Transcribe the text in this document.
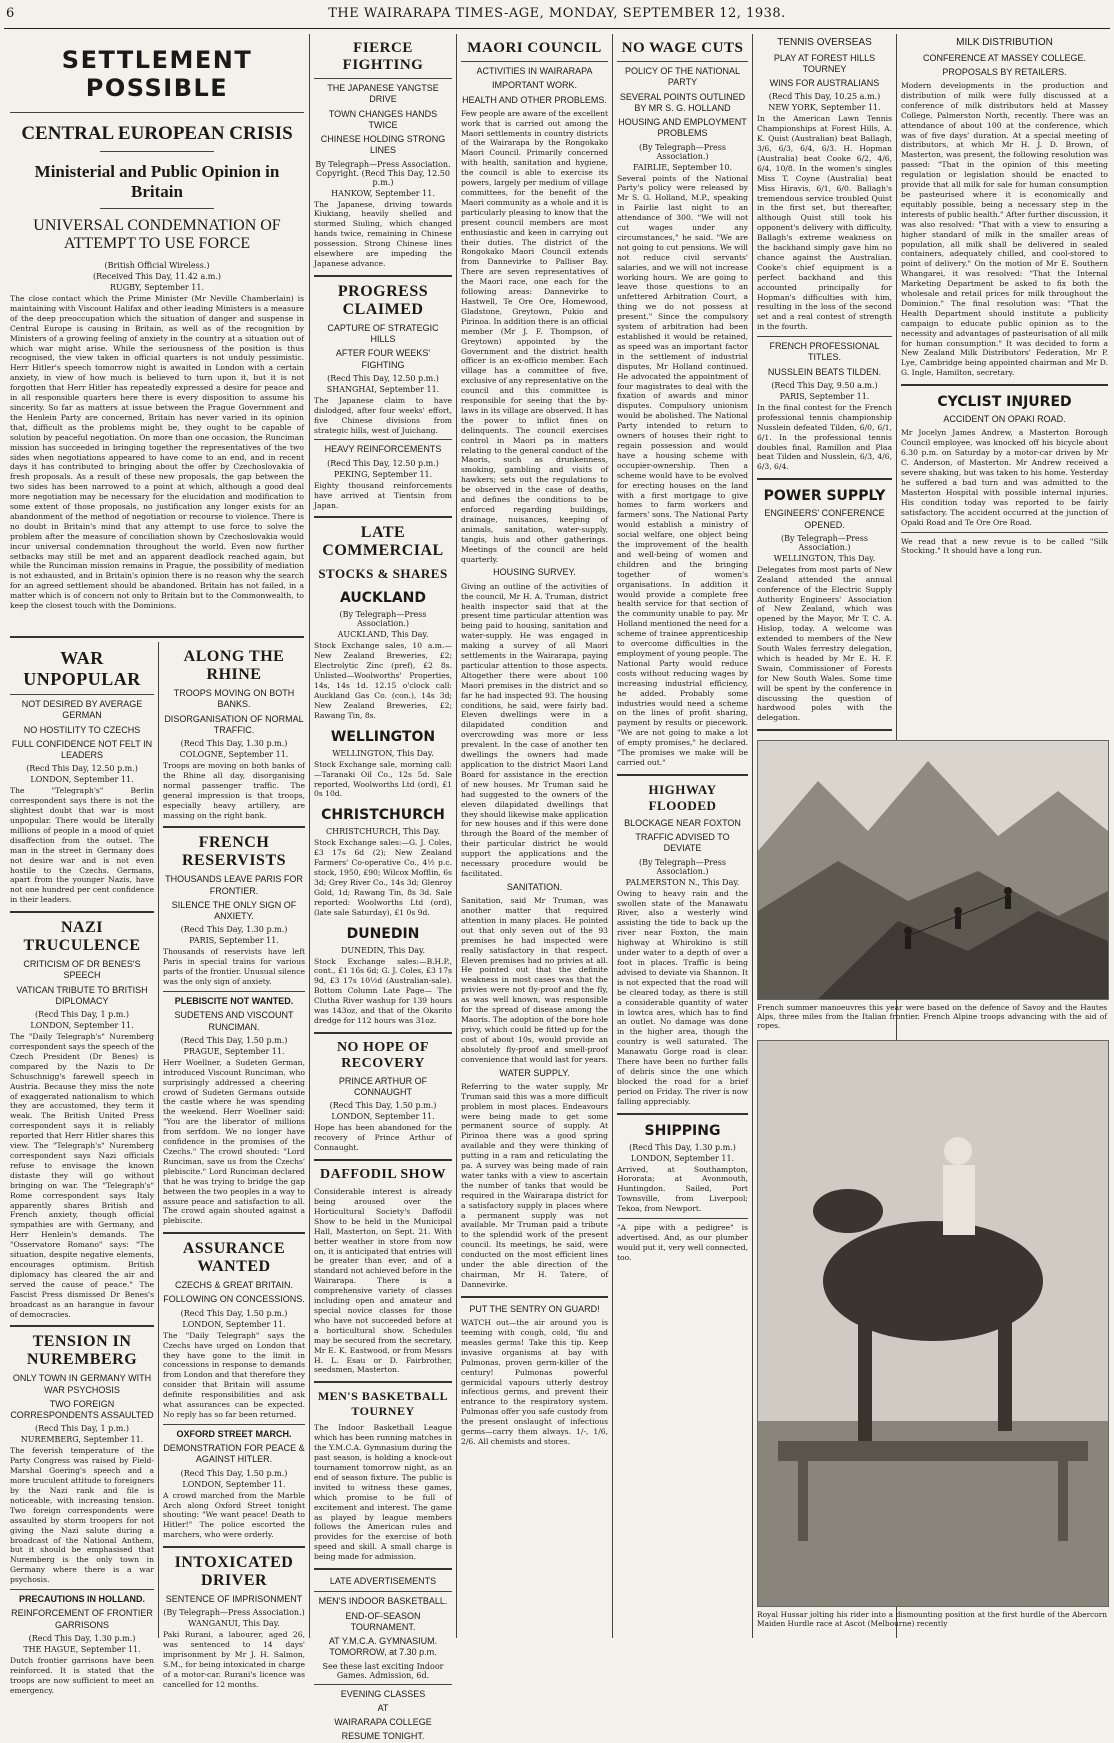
6	THE WAIRARAPA TIMES-AGE, MONDAY, SEPTEMBER 12, 1938.
SETTLEMENT POSSIBLE
CENTRAL EUROPEAN CRISIS
Ministerial and Public Opinion in Britain
UNIVERSAL CONDEMNATION OF ATTEMPT TO USE FORCE
(British Official Wireless.)
(Received This Day, 11.42 a.m.)
RUGBY, September 11.
The close contact which the Prime Minister (Mr Neville Chamberlain) is maintaining with Viscount Halifax and other leading Ministers is a measure of the deep preoccupation which the situation of danger and suspense in Central Europe is causing in Britain, as well as of the recognition by Ministers of a growing feeling of anxiety in the country at a situation out of which war might arise. While the seriousness of the position is thus recognised, the view taken in official quarters is not unduly pessimistic. Herr Hitler's speech tomorrow night is awaited in London with a certain anxiety, in view of how much is believed to turn upon it, but it is not forgotten that Herr Hitler has repeatedly expressed a desire for peace and in all responsible quarters here there is every disposition to assume his sincerity. So far as matters at issue between the Prague Government and the Henlein Party are concerned, Britain has never varied in its opinion that, difficult as the problems might be, they ought to be capable of solution by peaceful negotiation. On more than one occasion, the Runciman mission has succeeded in bringing together the representatives of the two sides when negotiations appeared to have come to an end, and in recent days it has contributed to bringing about the offer by Czechoslovakia of fresh proposals. As a result of these new proposals, the gap between the two sides has been narrowed to a point at which, although a good deal more negotiation may be necessary for the elucidation and modification to some extent of those proposals, no justification any longer exists for an abandonment of the method of negotiation or recourse to violence. There is no doubt in Britain's mind that any attempt to use force to solve the problem after the measure of conciliation shown by Czechoslovakia would incur universal condemnation throughout the world. Even now further setbacks may still be met and an apparent deadlock reached again, but while the Runciman mission remains in Prague, the possibility of mediation is not exhausted, and in Britain's opinion there is no reason why the search for an agreed settlement should be abandoned. Britain has not failed, in a matter which is of concern not only to Britain but to the Commonwealth, to keep the closest touch with the Dominions.
WAR UNPOPULAR
NOT DESIRED BY AVERAGE GERMAN
NO HOSTILITY TO CZECHS
FULL CONFIDENCE NOT FELT IN LEADERS
(Recd This Day, 12.50 p.m.)
LONDON, September 11.
The "Telegraph's" Berlin correspondent says there is not the slightest doubt that war is most unpopular. There would be literally millions of people in a mood of quiet disaffection from the outset. The man in the street in Germany does not desire war and is not even hostile to the Czechs. Germans, apart from the younger Nazis, have not one hundred per cent confidence in their leaders.
NAZI TRUCULENCE
CRITICISM OF DR BENES'S SPEECH
VATICAN TRIBUTE TO BRITISH DIPLOMACY
(Recd This Day, 1 p.m.)
LONDON, September 11.
The "Daily Telegraph's" Nuremberg correspondent says the speech of the Czech President (Dr Benes) is compared by the Nazis to Dr Schuschnigg's farewell speech in Austria. Because they miss the note of exaggerated nationalism to which they are accustomed, they term it weak. The British United Press correspondent says it is reliably reported that Herr Hitler shares this view. The "Telegraph's" Nuremberg correspondent says Nazi officials refuse to envisage the known distaste they will go without bringing on war. The "Telegraph's" Rome correspondent says Italy apparently shares British and French anxiety, though official sympathies are with Germany, and Herr Henlein's demands. The "Osservatore Romano" says: "The situation, despite negative elements, encourages optimism. British diplomacy has cleared the air and served the cause of peace." The Fascist Press dismissed Dr Benes's broadcast as an harangue in favour of democracies.
TENSION IN NUREMBERG
ONLY TOWN IN GERMANY WITH WAR PSYCHOSIS
TWO FOREIGN CORRESPONDENTS ASSAULTED
(Recd This Day, 1 p.m.)
NUREMBERG, September 11.
The feverish temperature of the Party Congress was raised by Field-Marshal Goering's speech and a more truculent attitude to foreigners by the Nazi rank and file is noticeable, with increasing tension. Two foreign correspondents were assaulted by storm troopers for not giving the Nazi salute during a broadcast of the National Anthem, but it should be emphasised that Nuremberg is the only town in Germany where there is a war psychosis.
PRECAUTIONS IN HOLLAND.
REINFORCEMENT OF FRONTIER GARRISONS
(Recd This Day, 1.30 p.m.)
THE HAGUE, September 11.
Dutch frontier garrisons have been reinforced. It is stated that the troops are now sufficient to meet an emergency.
ALONG THE RHINE
TROOPS MOVING ON BOTH BANKS.
DISORGANISATION OF NORMAL TRAFFIC.
(Recd This Day, 1.30 p.m.)
COLOGNE, September 11.
Troops are moving on both banks of the Rhine all day, disorganising normal passenger traffic. The general impression is that troops, especially heavy artillery, are massing on the right bank.
FRENCH RESERVISTS
THOUSANDS LEAVE PARIS FOR FRONTIER.
SILENCE THE ONLY SIGN OF ANXIETY.
(Recd This Day, 1.30 p.m.)
PARIS, September 11.
Thousands of reservists have left Paris in special trains for various parts of the frontier. Unusual silence was the only sign of anxiety.
PLEBISCITE NOT WANTED.
SUDETENS AND VISCOUNT RUNCIMAN.
(Recd This Day, 1.50 p.m.)
PRAGUE, September 11.
Herr Woellner, a Sudeten German, introduced Viscount Runciman, who surprisingly addressed a cheering crowd of Sudeten Germans outside the castle where he was spending the weekend. Herr Woellner said: "You are the liberator of millions from serfdom. We no longer have confidence in the promises of the Czechs." The crowd shouted: "Lord Runciman, save us from the Czechs' plebiscite." Lord Runciman declared that he was trying to bridge the gap between the two peoples in a way to assure peace and satisfaction to all. The crowd again shouted against a plebiscite.
ASSURANCE WANTED
CZECHS & GREAT BRITAIN.
FOLLOWING ON CONCESSIONS.
(Recd This Day, 1.50 p.m.)
LONDON, September 11.
The "Daily Telegraph" says the Czechs have urged on London that they have gone to the limit in concessions in response to demands from London and that therefore they consider that Britain will assume definite responsibilities and ask what assurances can be expected. No reply has so far been returned.
OXFORD STREET MARCH.
DEMONSTRATION FOR PEACE & AGAINST HITLER.
(Recd This Day, 1.50 p.m.)
LONDON, September 11.
A crowd marched from the Marble Arch along Oxford Street tonight shouting: "We want peace! Death to Hitler!" The police escorted the marchers, who were orderly.
INTOXICATED DRIVER
SENTENCE OF IMPRISONMENT
(By Telegraph—Press Association.)
WANGANUI, This Day.
Paki Rurani, a labourer, aged 26, was sentenced to 14 days' imprisonment by Mr J. H. Salmon, S.M., for being intoxicated in charge of a motor-car. Rurani's licence was cancelled for 12 months.
FIERCE FIGHTING
THE JAPANESE YANGTSE DRIVE
TOWN CHANGES HANDS TWICE
CHINESE HOLDING STRONG LINES
By Telegraph—Press Association. Copyright. (Recd This Day, 12.50 p.m.)
HANKOW, September 11.
The Japanese, driving towards Kiukiang, heavily shelled and stormed Siuling, which changed hands twice, remaining in Chinese possession. Strong Chinese lines elsewhere are impeding the Japanese advance.
PROGRESS CLAIMED
CAPTURE OF STRATEGIC HILLS
AFTER FOUR WEEKS' FIGHTING
(Recd This Day, 12.50 p.m.)
SHANGHAI, September 11.
The Japanese claim to have dislodged, after four weeks' effort, five Chinese divisions from strategic hills, west of Juichang.
HEAVY REINFORCEMENTS
(Recd This Day, 12.50 p.m.)
PEKING, September 11.
Eighty thousand reinforcements have arrived at Tientsin from Japan.
LATE COMMERCIAL
STOCKS & SHARES
AUCKLAND
(By Telegraph—Press Association.)
AUCKLAND, This Day.
Stock Exchange sales, 10 a.m.—New Zealand Breweries, £2; Electrolytic Zinc (pref), £2 8s. Unlisted—Woolworths' Properties, 14s, 14s 1d. 12.15 o'clock call: Auckland Gas Co. (con.), 14s 3d; New Zealand Breweries, £2; Rawang Tin, 8s.
WELLINGTON
WELLINGTON, This Day.
Stock Exchange sale, morning call: —Taranaki Oil Co., 12s 5d. Sale reported, Woolworths Ltd (ord), £1 0s 10d.
CHRISTCHURCH
CHRISTCHURCH, This Day.
Stock Exchange sales:—G. J. Coles, £3 17s 6d (2); New Zealand Farmers' Co-operative Co., 4½ p.c. stock, 1950, £90; Wilcox Mofflin, 6s 3d; Grey River Co., 14s 3d; Glenroy Gold, 1d; Rawang Tin, 8s 3d. Sale reported: Woolworths Ltd (ord), (late sale Saturday), £1 0s 9d.
DUNEDIN
DUNEDIN, This Day.
Stock Exchange sales:—B.H.P., cont., £1 16s 6d; G. J. Coles, £3 17s 9d, £3 17s 10½d (Australian-sale). Bottom Column Late Page— The Clutha River washup for 139 hours was 143oz, and that of the Okarito dredge for 112 hours was 31oz.
NO HOPE OF RECOVERY
PRINCE ARTHUR OF CONNAUGHT
(Recd This Day, 1.50 p.m.)
LONDON, September 11.
Hope has been abandoned for the recovery of Prince Arthur of Connaught.
DAFFODIL SHOW
Considerable interest is already being aroused over the Horticultural Society's Daffodil Show to be held in the Municipal Hall, Masterton, on Sept. 21. With better weather in store from now on, it is anticipated that entries will be greater than ever, and of a standard not achieved before in the Wairarapa. There is a comprehensive variety of classes including open and amateur and special novice classes for those who have not succeeded before at a horticultural show. Schedules may be secured from the secretary, Mr E. K. Eastwood, or from Messrs H. L. Esau or D. Fairbrother, seedsmen, Masterton.
MEN'S BASKETBALL TOURNEY
The Indoor Basketball League which has been running matches in the Y.M.C.A. Gymnasium during the past season, is holding a knock-out tournament tomorrow night, as an end of season fixture. The public is invited to witness these games, which promise to be full of excitement and interest. The game as played by league members follows the American rules and provides for the exercise of both speed and skill. A small charge is being made for admission.
LATE ADVERTISEMENTS
MEN'S INDOOR BASKETBALL.
END-OF-SEASON TOURNAMENT.
AT Y.M.C.A. GYMNASIUM. TOMORROW, at 7.30 p.m.
See these last exciting Indoor Games. Admission, 6d.
EVENING CLASSES
AT
WAIRARAPA COLLEGE
RESUME TONIGHT.
MAORI COUNCIL
ACTIVITIES IN WAIRARAPA
IMPORTANT WORK.
HEALTH AND OTHER PROBLEMS.
Few people are aware of the excellent work that is carried out among the Maori settlements in country districts of the Wairarapa by the Rongokako Maori Council. Primarily concerned with health, sanitation and hygiene, the council is able to exercise its powers, largely per medium of village committees, for the benefit of the Maori community as a whole and it is particularly pleasing to know that the present council members are most enthusiastic and keen in carrying out their duties. The district of the Rongokako Maori Council extends from Dannevirke to Palliser Bay. There are seven representatives of the Maori race, one each for the following areas: Dannevirke to Hastwell, Te Ore Ore, Homewood, Gladstone, Greytown, Pukio and Pirinoa. In addition there is an official member (Mr J. F. Thompson, of Greytown) appointed by the Government and the district health officer is an ex-officio member. Each village has a committee of five, exclusive of any representative on the council and this committee is responsible for seeing that the by-laws in its village are observed. It has the power to inflict fines on delinquents. The council exercises control in Maori pa in matters relating to the general conduct of the Maoris, such as drunkenness, smoking, gambling and visits of hawkers; sets out the regulations to be observed in the case of deaths, and defines the conditions to be enforced regarding buildings, drainage, nuisances, keeping of animals, sanitation, water-supply, tangis, huis and other gatherings. Meetings of the council are held quarterly.
HOUSING SURVEY.
Giving an outline of the activities of the council, Mr H. A. Truman, district health inspector said that at the present time particular attention was being paid to housing, sanitation and water-supply. He was engaged in making a survey of all Maori settlements in the Wairarapa, paying particular attention to those aspects. Altogether there were about 100 Maori premises in the district and so far he had inspected 93. The housing conditions, he said, were fairly bad. Eleven dwellings were in a dilapidated condition and overcrowding was more or less prevalent. In the case of another ten dwellings the owners had made application to the district Maori Land Board for assistance in the erection of new houses. Mr Truman said he had suggested to the owners of the eleven dilapidated dwellings that they should likewise make application for new houses and if this were done through the Board of the member of their particular district he would support the applications and the necessary procedure would be facilitated.
SANITATION.
Sanitation, said Mr Truman, was another matter that required attention in many places. He pointed out that only seven out of the 93 premises he had inspected were really satisfactory in that respect. Eleven premises had no privies at all. He pointed out that the definite weakness in most cases was that the privies were not fly-proof and the fly, as was well known, was responsible for the spread of disease among the Maoris. The adoption of the bore hole privy, which could be fitted up for the cost of about 10s, would provide an absolutely fly-proof and smell-proof convenience that would last for years.
WATER SUPPLY.
Referring to the water supply, Mr Truman said this was a more difficult problem in most places. Endeavours were being made to get some permanent source of supply. At Pirinoa there was a good spring available and they were thinking of putting in a ram and reticulating the pa. A survey was being made of rain water tanks with a view to ascertain the number of tanks that would be required in the Wairarapa district for a satisfactory supply in places where a permanent supply was not available. Mr Truman paid a tribute to the splendid work of the present council. Its meetings, he said, were conducted on the most efficient lines under the able direction of the chairman, Mr H. Tatere, of Dannevirke.
PUT THE SENTRY ON GUARD!
WATCH out—the air around you is teeming with cough, cold, 'flu and measles germs! Take this tip. Keep invasive organisms at bay with Pulmonas, proven germ-killer of the century! Pulmonas powerful germicidal vapours utterly destroy infectious germs, and prevent their entrance to the respiratory system. Pulmonas offer you safe custody from the present onslaught of infectious germs—carry them always. 1/-, 1/6, 2/6. All chemists and stores.
NO WAGE CUTS
POLICY OF THE NATIONAL PARTY
SEVERAL POINTS OUTLINED BY MR S. G. HOLLAND
HOUSING AND EMPLOYMENT PROBLEMS
(By Telegraph—Press Association.)
FAIRLIE, September 10.
Several points of the National Party's policy were released by Mr S. G. Holland, M.P., speaking in Fairlie last night to an attendance of 300. "We will not cut wages under any circumstances," he said. "We are not going to cut pensions. We will not reduce civil servants' salaries, and we will not increase working hours. We are going to leave those questions to an unfettered Arbitration Court, a thing we do not possess at present." Since the compulsory system of arbitration had been established it would be retained, as speed was an important factor in the settlement of industrial disputes, Mr Holland continued. He advocated the appointment of four magistrates to deal with the fixation of awards and minor disputes. Compulsory unionism would be abolished. The National Party intended to return to owners of houses their right to regain possession and would have a housing scheme with occupier-ownership. Then a scheme would have to be evolved for erecting houses on the land with a first mortgage to give homes to farm workers and farmers' sons. The National Party would establish a ministry of social welfare, one object being the improvement of the health and well-being of women and children and the bringing together of women's organisations. In addition it would provide a complete free health service for that section of the community unable to pay. Mr Holland mentioned the need for a scheme of trainee apprenticeship to overcome difficulties in the employment of young people. The National Party would reduce costs without reducing wages by increasing industrial efficiency, he added. Probably some industries would need a scheme on the lines of profit sharing, payment by results or piecework. "We are not going to make a lot of empty promises," he declared. "The promises we make will be carried out."
HIGHWAY FLOODED
BLOCKAGE NEAR FOXTON
TRAFFIC ADVISED TO DEVIATE
(By Telegraph—Press Association.)
PALMERSTON N., This Day.
Owing to heavy rain and the swollen state of the Manawatu River, also a westerly wind assisting the tide to back up the river near Foxton, the main highway at Whirokino is still under water to a depth of over a foot in places. Traffic is being advised to deviate via Shannon. It is not expected that the road will be cleared today, as there is still a considerable quantity of water in lowtca ares, which has to find an outlet. No damage was done in the higher area, though the country is well saturated. The Manawatu Gorge road is clear. There have been no further falls of debris since the one which blocked the road for a brief period on Friday. The river is now falling appreciably.
SHIPPING
(Recd This Day, 1.30 p.m.)
LONDON, September 11.
Arrived, at Southampton, Hororata; at Avonmouth, Huntingdon. Sailed, Port Townsville, from Liverpool; Tekoa, from Newport.
"A pipe with a pedigree" is advertised. And, as our plumber would put it, very well connected, too.
TENNIS OVERSEAS
PLAY AT FOREST HILLS TOURNEY
WINS FOR AUSTRALIANS
(Recd This Day, 10.25 a.m.)
NEW YORK, September 11.
In the American Lawn Tennis Championships at Forest Hills, A. K. Quist (Australian) beat Ballagh, 3/6, 6/3, 6/4, 6/3. H. Hopman (Australia) beat Cooke 6/2, 4/6, 6/4, 10/8. In the women's singles Miss T. Coyne (Australia) beat Miss Hiravis, 6/1, 6/0. Ballagh's tremendous service troubled Quist in the first set, but thereafter, although Quist still took his opponent's delivery with difficulty, Ballagh's extreme weakness on the backhand simply gave him no chance against the Australian. Cooke's chief equipment is a perfect backhand and this accounted principally for Hopman's difficulties with him, resulting in the loss of the second set and a real contest of strength in the fourth.
FRENCH PROFESSIONAL TITLES.
NUSSLEIN BEATS TILDEN.
(Recd This Day, 9.50 a.m.)
PARIS, September 11.
In the final contest for the French professional tennis championship Nusslein defeated Tilden, 6/0, 6/1, 6/1. In the professional tennis doubles final, Ramillon and Plaa beat Tilden and Nusslein, 6/3, 4/6, 6/3, 6/4.
POWER SUPPLY
ENGINEERS' CONFERENCE OPENED.
(By Telegraph—Press Association.)
WELLINGTON, This Day.
Delegates from most parts of New Zealand attended the annual conference of the Electric Supply Authority Engineers' Association of New Zealand, which was opened by the Mayor, Mr T. C. A. Hislop, today. A welcome was extended to members of the New South Wales ferrestry delegation, which is headed by Mr E. H. F. Swain, Commissioner of Forests for New South Wales. Some time will be spent by the conference in discussing the question of hardwood poles with the delegation.
MILK DISTRIBUTION
CONFERENCE AT MASSEY COLLEGE.
PROPOSALS BY RETAILERS.
Modern developments in the production and distribution of milk were fully discussed at a conference of milk distributors held at Massey College, Palmerston North, recently. There was an attendance of about 100 at the conference, which was of five days' duration. At a special meeting of distributors, at which Mr H. J. D. Brown, of Masterton, was present, the following resolution was passed: "That in the opinion of this meeting regulation or legislation should be enacted to provide that all milk for sale for human consumption be pasteurised where it is economically and equitably possible, being a necessary step in the interests of public health." After further discussion, it was also resolved: "That with a view to ensuring a higher standard of milk in the smaller areas of population, all milk shall be delivered in sealed containers, adequately chilled, and cool-stored to point of delivery." On the motion of Mr E. Southern Whangarei, it was resolved: "That the Internal Marketing Department be asked to fix both the wholesale and retail prices for milk throughout the Dominion." The final resolution was: "That the Health Department should institute a publicity campaign to educate public opinion as to the necessity and advantages of pasteurisation of all milk for human consumption." It was decided to form a New Zealand Milk Distributors' Federation, Mr P. Lye, Cambridge being appointed chairman and Mr D. G. Ingle, Hamilton, secretary.
CYCLIST INJURED
ACCIDENT ON OPAKI ROAD.
Mr Jocelyn James Andrew, a Masterton Borough Council employee, was knocked off his bicycle about 6.30 p.m. on Saturday by a motor-car driven by Mr C. Anderson, of Masterton. Mr Andrew received a severe shaking, but was taken to his home. Yesterday he suffered a bad turn and was admitted to the Masterton Hospital with possible internal injuries. His condition today was reported to be fairly satisfactory. The accident occurred at the junction of Opaki Road and Te Ore Ore Road.
We read that a new revue is to be called "Silk Stocking." It should have a long run.
French summer manoeuvres this year were based on the defence of Savoy and the Hautes Alps, three miles from the Italian frontier. French Alpine troops advancing with the aid of ropes.
Royal Hussar jolting his rider into a dismounting position at the first hurdle of the Abercorn Maiden Hurdle race at Ascot (Melbourne) recently
